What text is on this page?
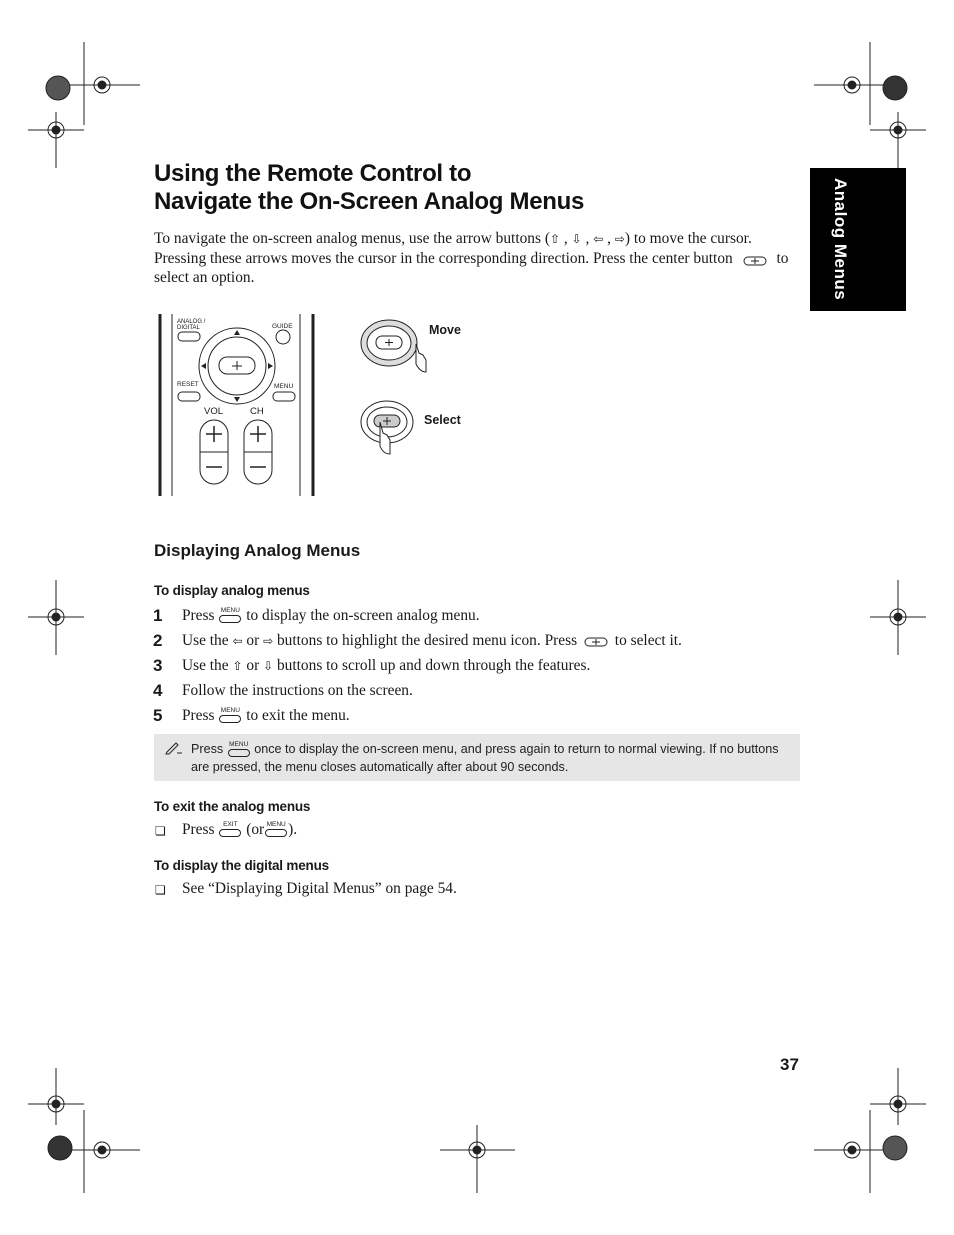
Analog Menus
Using the Remote Control to
Navigate the On-Screen Analog Menus
To navigate the on-screen analog menus, use the arrow buttons (⇧ , ⇩ , ⇦ , ⇨) to move the cursor. Pressing these arrows moves the cursor in the corresponding direction. Press the center button	to select an option.
ANALOG / DIGITAL	GUIDE
RESET	MENU
VOL	CH
Move
Select
Displaying Analog Menus
To display analog menus
1 Press MENU to display the on-screen analog menu.
2 Use the ⇦ or ⇨ buttons to highlight the desired menu icon. Press to select it.
3 Use the ⇧ or ⇩ buttons to scroll up and down through the features.
4 Follow the instructions on the screen.
5 Press MENU to exit the menu.
Press MENU once to display the on-screen menu, and press again to return to normal viewing. If no buttons are pressed, the menu closes automatically after about 90 seconds.
To exit the analog menus
❏ Press	EXIT (or MENU ).
To display the digital menus
❏ See “Displaying Digital Menus” on page 54.
37
